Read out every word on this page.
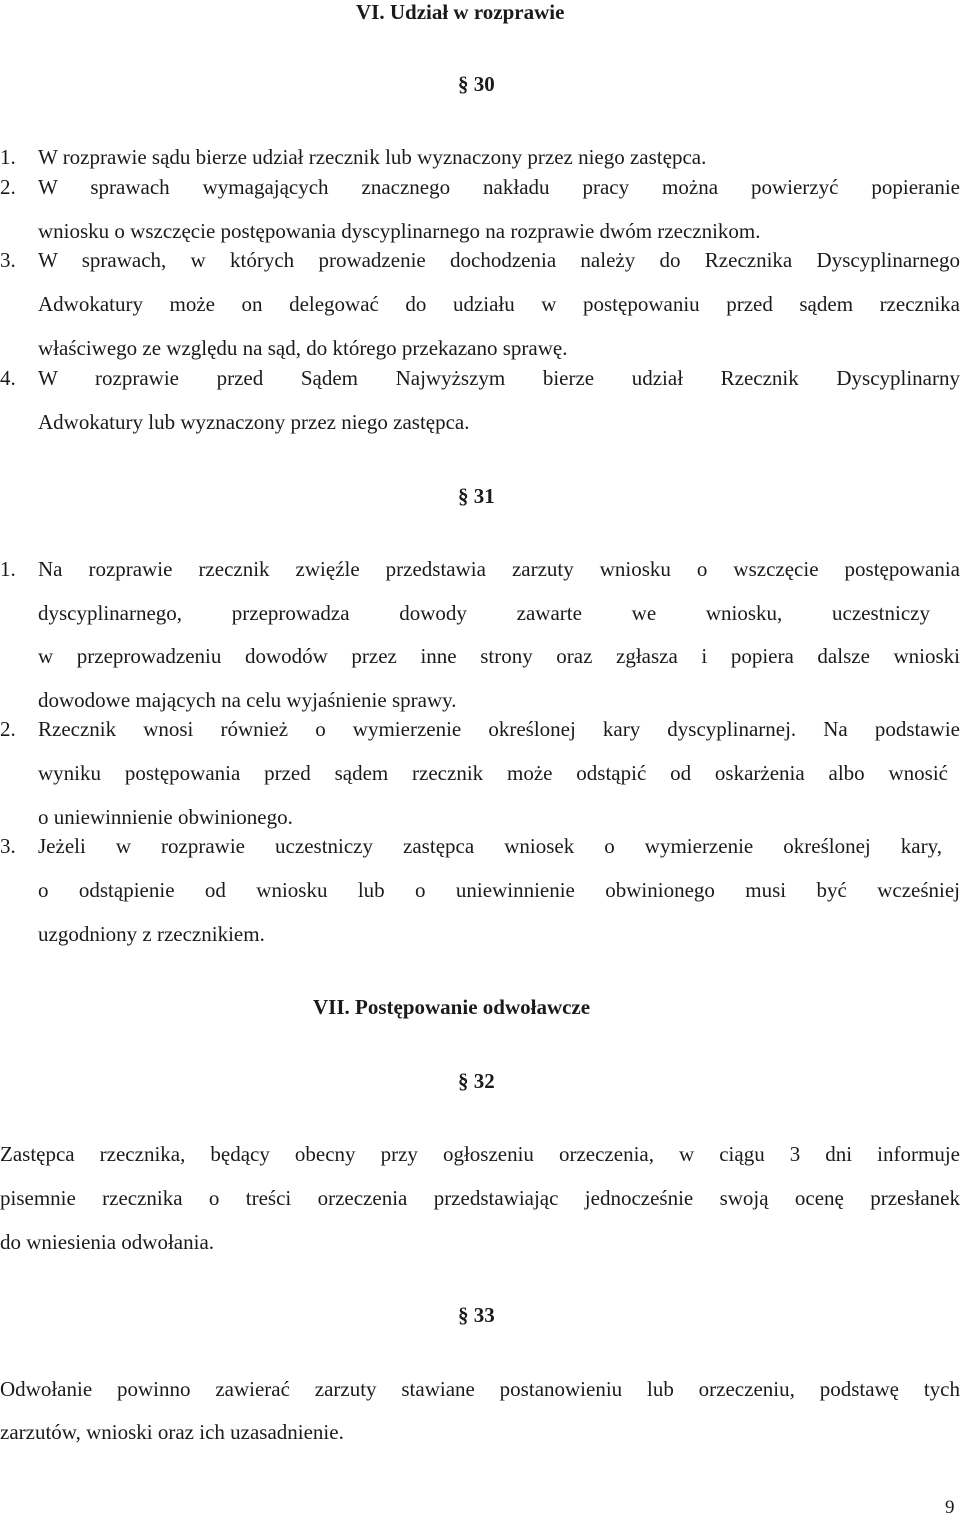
VI. Udział w rozprawie
§ 30
1. W rozprawie sądu bierze udział rzecznik lub wyznaczony przez niego zastępca.
2. W sprawach wymagających znacznego nakładu pracy można powierzyć popieranie
wniosku o wszczęcie postępowania dyscyplinarnego na rozprawie dwóm rzecznikom.
3. W sprawach, w których prowadzenie dochodzenia należy do Rzecznika Dyscyplinarnego
Adwokatury może on delegować do udziału w postępowaniu przed sądem rzecznika
właściwego ze względu na sąd, do którego przekazano sprawę.
4. W rozprawie przed Sądem Najwyższym bierze udział Rzecznik Dyscyplinarny
Adwokatury lub wyznaczony przez niego zastępca.
§ 31
1. Na rozprawie rzecznik zwięźle przedstawia zarzuty wniosku o wszczęcie postępowania
dyscyplinarnego, przeprowadza dowody zawarte we wniosku, uczestniczy
w przeprowadzeniu dowodów przez inne strony oraz zgłasza i popiera dalsze wnioski
dowodowe mających na celu wyjaśnienie sprawy.
2. Rzecznik wnosi również o wymierzenie określonej kary dyscyplinarnej. Na podstawie
wyniku postępowania przed sądem rzecznik może odstąpić od oskarżenia albo wnosić
o uniewinnienie obwinionego.
3. Jeżeli w rozprawie uczestniczy zastępca wniosek o wymierzenie określonej kary,
o odstąpienie od wniosku lub o uniewinnienie obwinionego musi być wcześniej
uzgodniony z rzecznikiem.
VII. Postępowanie odwoławcze
§ 32
Zastępca rzecznika, będący obecny przy ogłoszeniu orzeczenia, w ciągu 3 dni informuje
pisemnie rzecznika o treści orzeczenia przedstawiając jednocześnie swoją ocenę przesłanek
do wniesienia odwołania.
§ 33
Odwołanie powinno zawierać zarzuty stawiane postanowieniu lub orzeczeniu, podstawę tych
zarzutów, wnioski oraz ich uzasadnienie.
9
